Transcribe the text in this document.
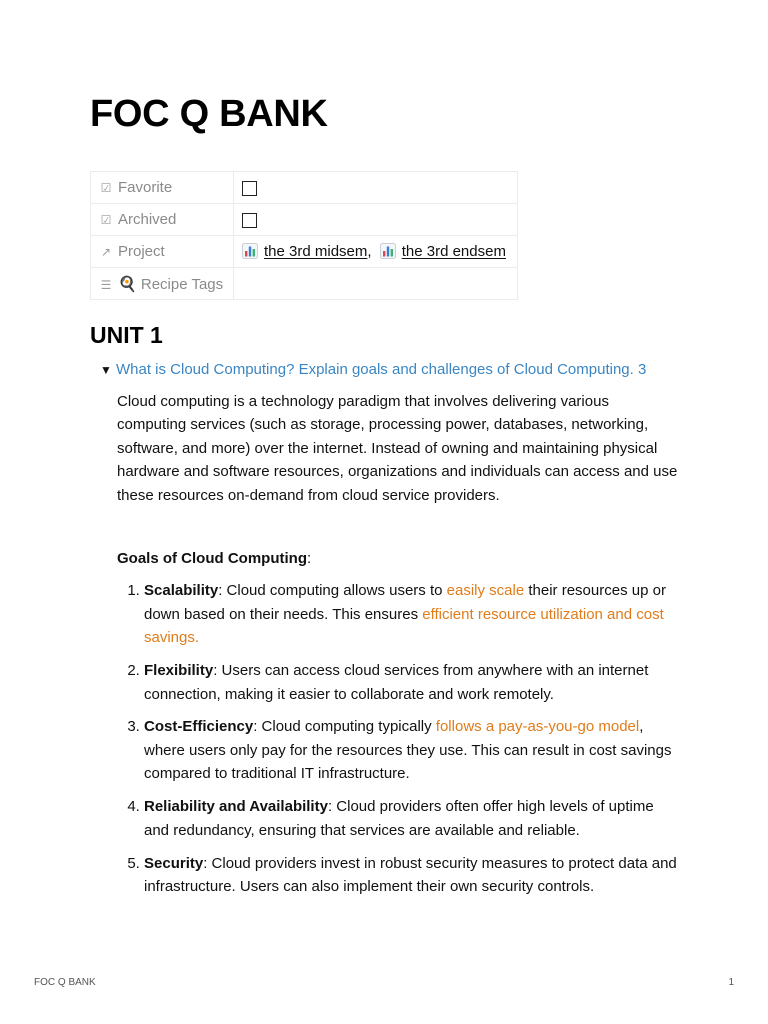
FOC Q BANK
☑ Favorite	
☑ Archived	
↗ Project	the 3rd midsem, the 3rd endsem
☰ 🍳 Recipe Tags	
UNIT 1
▼ What is Cloud Computing? Explain goals and challenges of Cloud Computing. 3

Cloud computing is a technology paradigm that involves delivering various computing services (such as storage, processing power, databases, networking, software, and more) over the internet. Instead of owning and maintaining physical hardware and software resources, organizations and individuals can access and use these resources on-demand from cloud service providers.

Goals of Cloud Computing:

1. Scalability: Cloud computing allows users to easily scale their resources up or down based on their needs. This ensures efficient resource utilization and cost savings.
2. Flexibility: Users can access cloud services from anywhere with an internet connection, making it easier to collaborate and work remotely.
3. Cost-Efficiency: Cloud computing typically follows a pay-as-you-go model, where users only pay for the resources they use. This can result in cost savings compared to traditional IT infrastructure.
4. Reliability and Availability: Cloud providers often offer high levels of uptime and redundancy, ensuring that services are available and reliable.
5. Security: Cloud providers invest in robust security measures to protect data and infrastructure. Users can also implement their own security controls.
FOC Q BANK	1
